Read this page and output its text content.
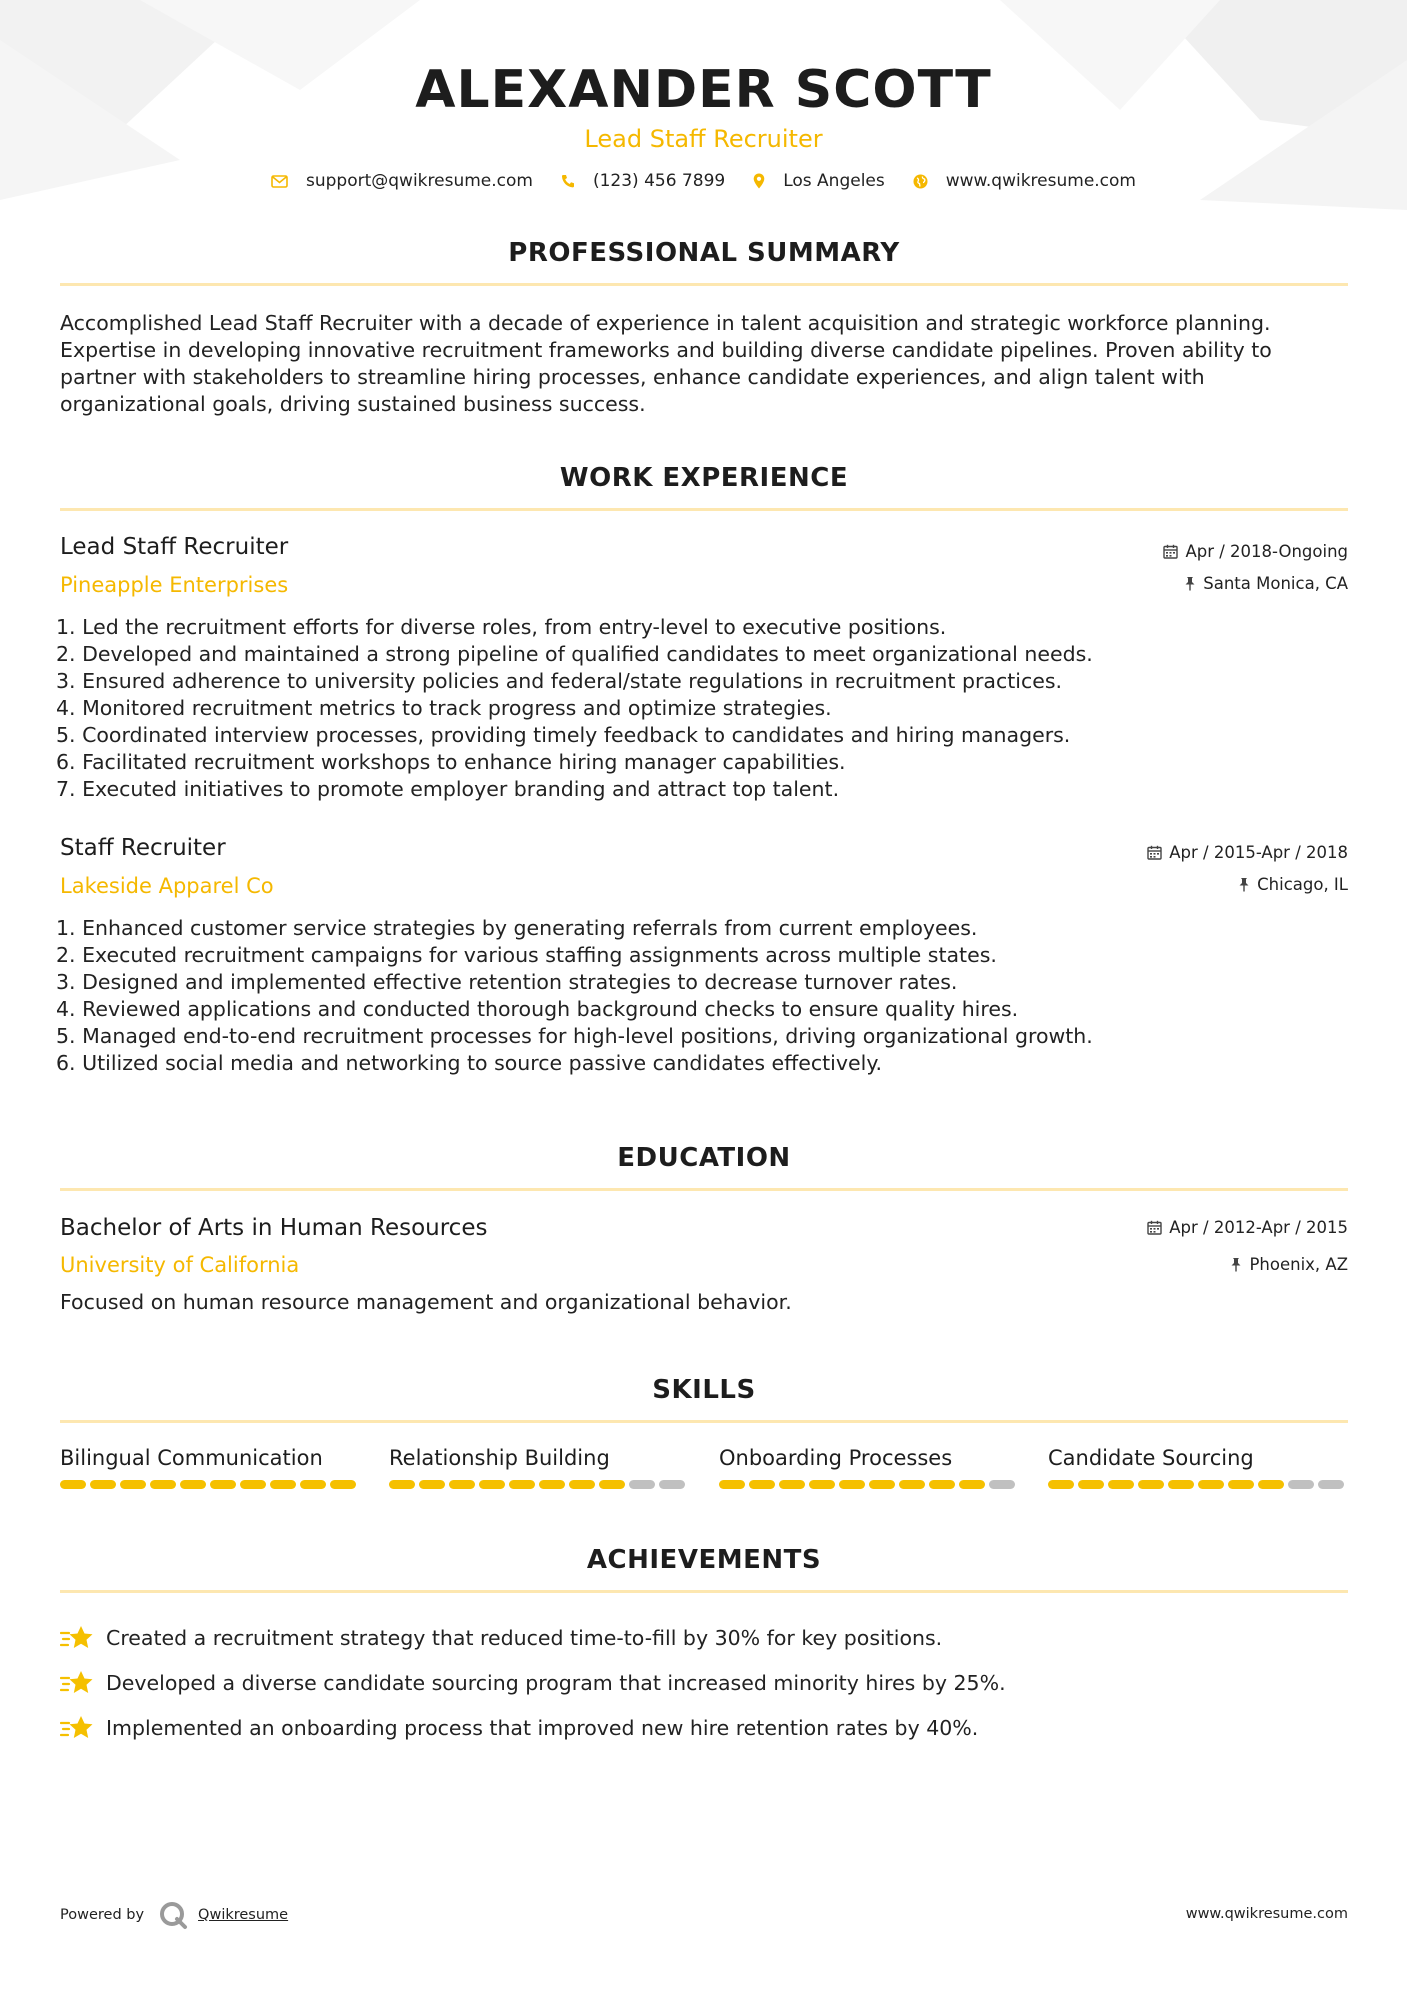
ALEXANDER SCOTT
Lead Staff Recruiter
support@qwikresume.com	(123) 456 7899	Los Angeles	www.qwikresume.com
PROFESSIONAL SUMMARY
Accomplished Lead Staff Recruiter with a decade of experience in talent acquisition and strategic workforce planning. Expertise in developing innovative recruitment frameworks and building diverse candidate pipelines. Proven ability to partner with stakeholders to streamline hiring processes, enhance candidate experiences, and align talent with organizational goals, driving sustained business success.
WORK EXPERIENCE
Lead Staff Recruiter
Pineapple Enterprises
Apr / 2018-Ongoing
Santa Monica, CA
1. Led the recruitment efforts for diverse roles, from entry-level to executive positions.
2. Developed and maintained a strong pipeline of qualified candidates to meet organizational needs.
3. Ensured adherence to university policies and federal/state regulations in recruitment practices.
4. Monitored recruitment metrics to track progress and optimize strategies.
5. Coordinated interview processes, providing timely feedback to candidates and hiring managers.
6. Facilitated recruitment workshops to enhance hiring manager capabilities.
7. Executed initiatives to promote employer branding and attract top talent.
Staff Recruiter
Lakeside Apparel Co
Apr / 2015-Apr / 2018
Chicago, IL
1. Enhanced customer service strategies by generating referrals from current employees.
2. Executed recruitment campaigns for various staffing assignments across multiple states.
3. Designed and implemented effective retention strategies to decrease turnover rates.
4. Reviewed applications and conducted thorough background checks to ensure quality hires.
5. Managed end-to-end recruitment processes for high-level positions, driving organizational growth.
6. Utilized social media and networking to source passive candidates effectively.
EDUCATION
Bachelor of Arts in Human Resources
University of California
Apr / 2012-Apr / 2015
Phoenix, AZ
Focused on human resource management and organizational behavior.
SKILLS
Bilingual Communication	Relationship Building	Onboarding Processes	Candidate Sourcing
ACHIEVEMENTS
Created a recruitment strategy that reduced time-to-fill by 30% for key positions.
Developed a diverse candidate sourcing program that increased minority hires by 25%.
Implemented an onboarding process that improved new hire retention rates by 40%.
Powered by	Qwikresume	www.qwikresume.com
